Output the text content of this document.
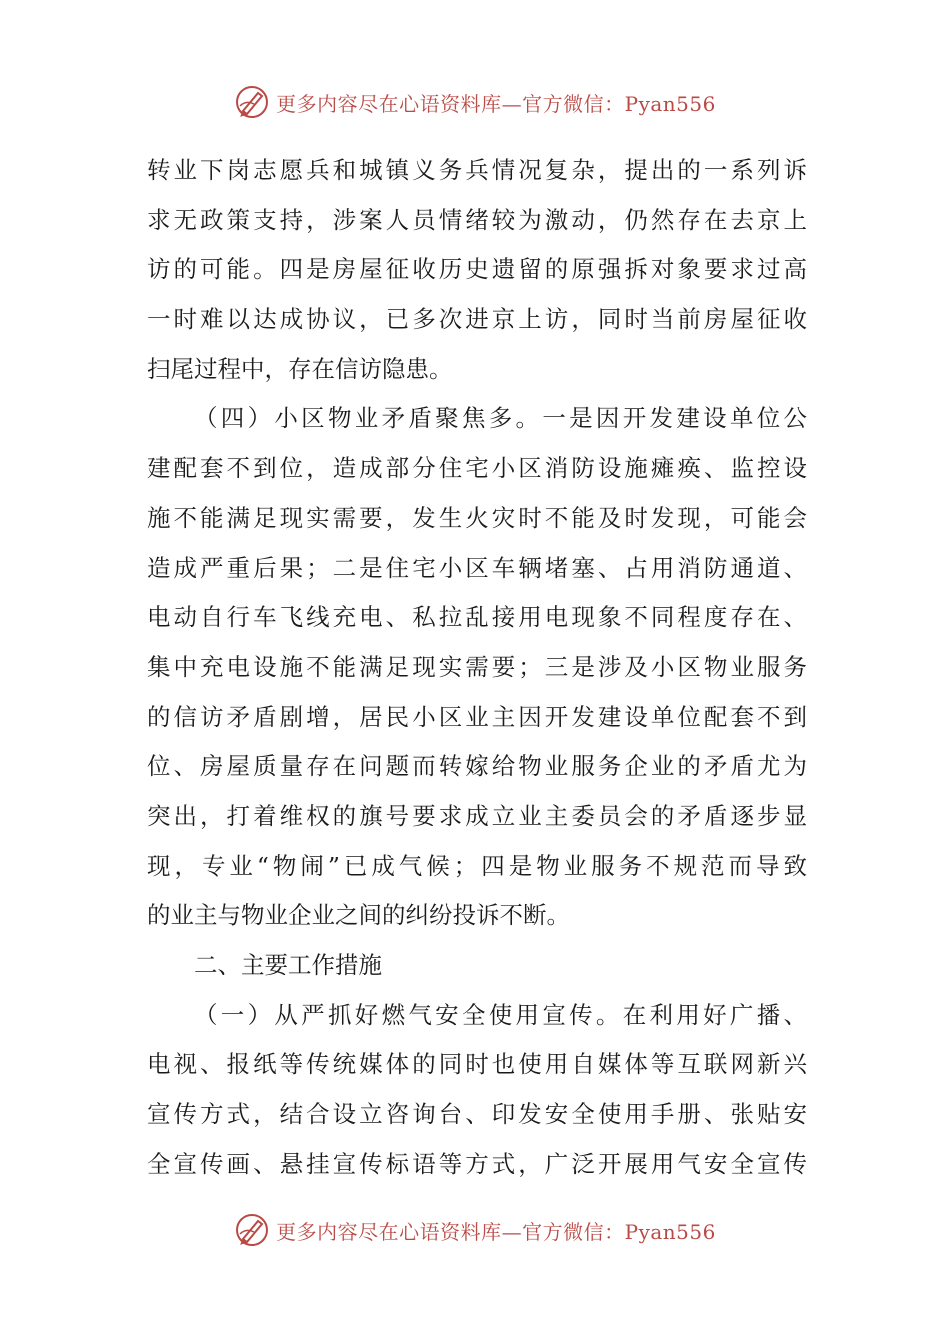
更多内容尽在心语资料库—官方微信：Pyan556
转业下岗志愿兵和城镇义务兵情况复杂，提出的一系列诉
求无政策支持，涉案人员情绪较为激动，仍然存在去京上
访的可能。四是房屋征收历史遗留的原强拆对象要求过高
一时难以达成协议，已多次进京上访，同时当前房屋征收
扫尾过程中，存在信访隐患。
（四）小区物业矛盾聚焦多。一是因开发建设单位公
建配套不到位，造成部分住宅小区消防设施瘫痪、监控设
施不能满足现实需要，发生火灾时不能及时发现，可能会
造成严重后果；二是住宅小区车辆堵塞、占用消防通道、
电动自行车飞线充电、私拉乱接用电现象不同程度存在、
集中充电设施不能满足现实需要；三是涉及小区物业服务
的信访矛盾剧增，居民小区业主因开发建设单位配套不到
位、房屋质量存在问题而转嫁给物业服务企业的矛盾尤为
突出，打着维权的旗号要求成立业主委员会的矛盾逐步显
现，专业“物闹”已成气候；四是物业服务不规范而导致
的业主与物业企业之间的纠纷投诉不断。
二、主要工作措施
（一）从严抓好燃气安全使用宣传。在利用好广播、
电视、报纸等传统媒体的同时也使用自媒体等互联网新兴
宣传方式，结合设立咨询台、印发安全使用手册、张贴安
全宣传画、悬挂宣传标语等方式，广泛开展用气安全宣传
更多内容尽在心语资料库—官方微信：Pyan556
